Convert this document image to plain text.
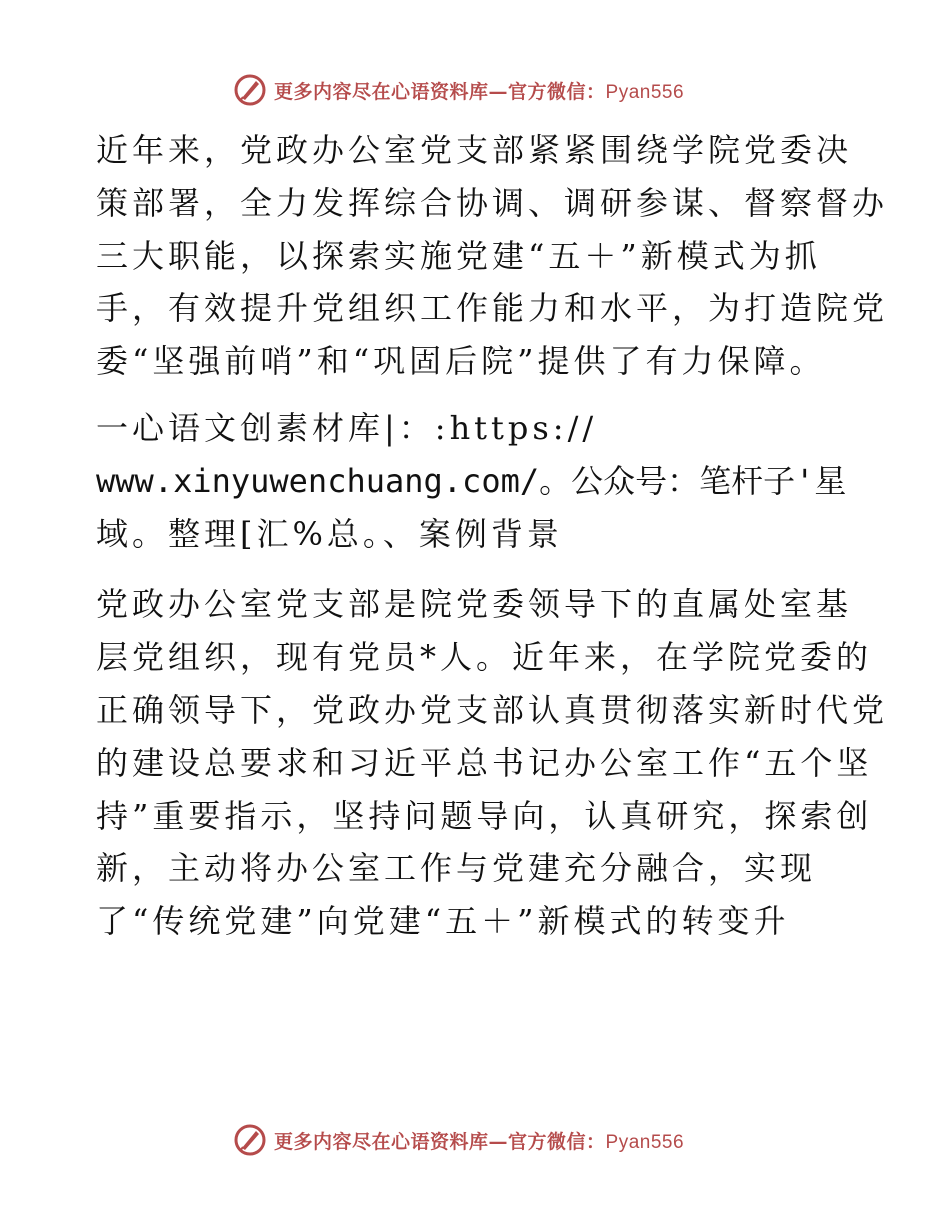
更多内容尽在心语资料库—官方微信：Pyan556

近年来，党政办公室党支部紧紧围绕学院党委决
策部署，全力发挥综合协调、调研参谋、督察督办
三大职能，以探索实施党建“五＋”新模式为抓
手，有效提升党组织工作能力和水平，为打造院党
委“坚强前哨”和“巩固后院”提供了有力保障。

一心语文创素材库|：:https://
www.xinyuwenchuang.com/。公众号：笔杆子'星
域。整理[汇%总。、案例背景

党政办公室党支部是院党委领导下的直属处室基
层党组织，现有党员*人。近年来，在学院党委的
正确领导下，党政办党支部认真贯彻落实新时代党
的建设总要求和习近平总书记办公室工作“五个坚
持”重要指示，坚持问题导向，认真研究，探索创
新，主动将办公室工作与党建充分融合，实现
了“传统党建”向党建“五＋”新模式的转变升

更多内容尽在心语资料库—官方微信：Pyan556
